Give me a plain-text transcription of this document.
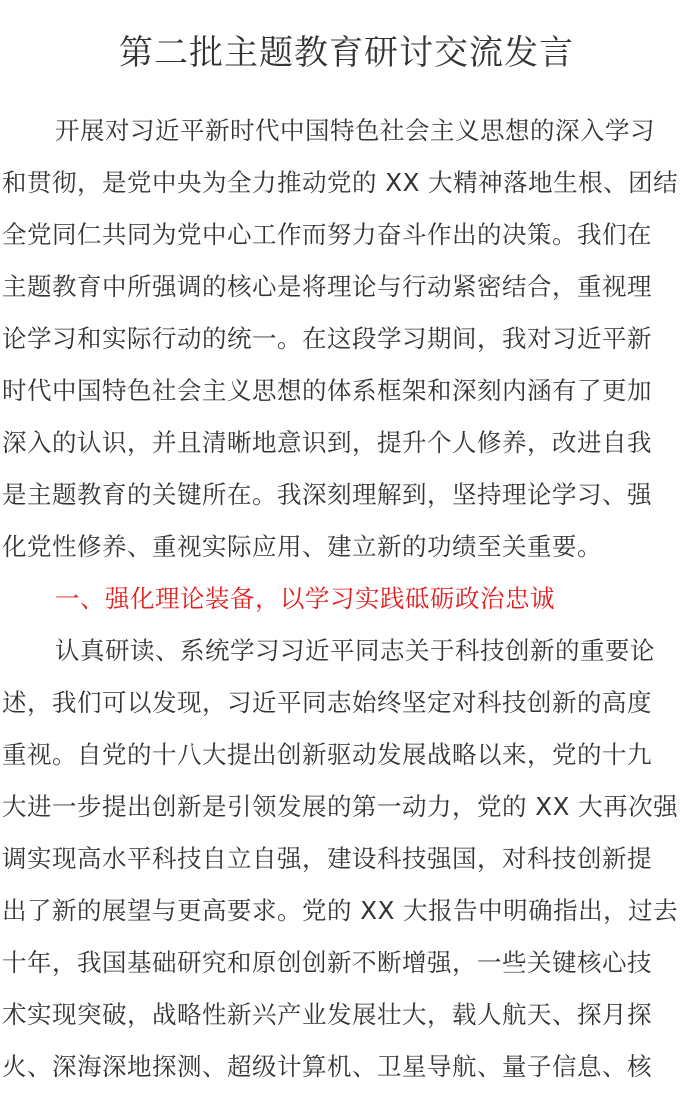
第二批主题教育研讨交流发言

开展对习近平新时代中国特色社会主义思想的深入学习
和贯彻，是党中央为全力推动党的 XX 大精神落地生根、团结
全党同仁共同为党中心工作而努力奋斗作出的决策。我们在
主题教育中所强调的核心是将理论与行动紧密结合，重视理
论学习和实际行动的统一。在这段学习期间，我对习近平新
时代中国特色社会主义思想的体系框架和深刻内涵有了更加
深入的认识，并且清晰地意识到，提升个人修养，改进自我
是主题教育的关键所在。我深刻理解到，坚持理论学习、强
化党性修养、重视实际应用、建立新的功绩至关重要。

一、强化理论装备，以学习实践砥砺政治忠诚

认真研读、系统学习习近平同志关于科技创新的重要论
述，我们可以发现，习近平同志始终坚定对科技创新的高度
重视。自党的十八大提出创新驱动发展战略以来，党的十九
大进一步提出创新是引领发展的第一动力，党的 XX 大再次强
调实现高水平科技自立自强，建设科技强国，对科技创新提
出了新的展望与更高要求。党的 XX 大报告中明确指出，过去
十年，我国基础研究和原创创新不断增强，一些关键核心技
术实现突破，战略性新兴产业发展壮大，载人航天、探月探
火、深海深地探测、超级计算机、卫星导航、量子信息、核
